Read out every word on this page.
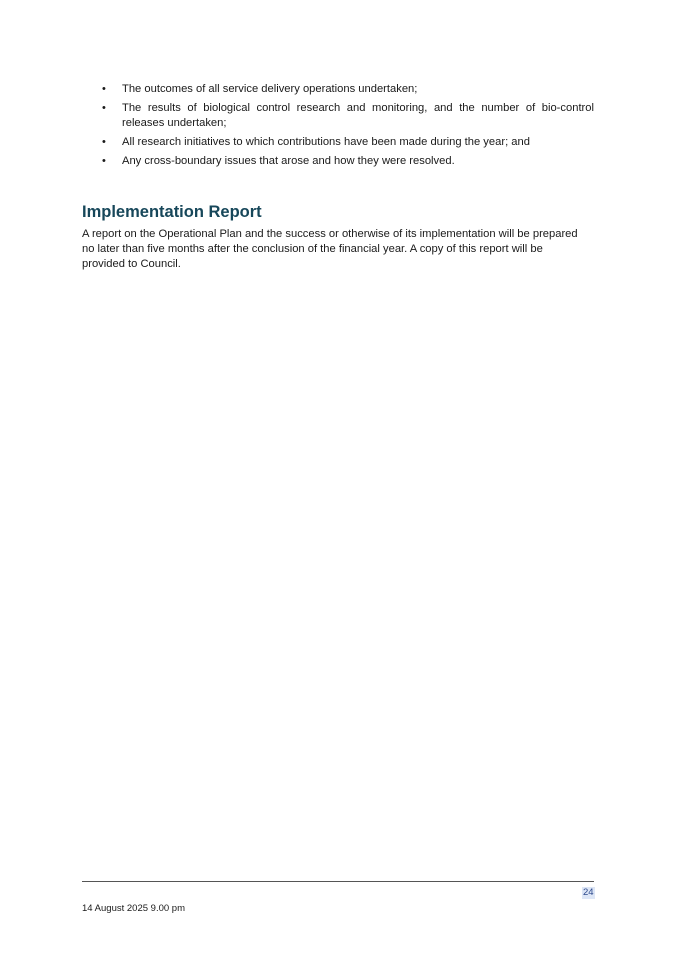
• The outcomes of all service delivery operations undertaken;
• The results of biological control research and monitoring, and the number of bio-control releases undertaken;
• All research initiatives to which contributions have been made during the year; and
• Any cross-boundary issues that arose and how they were resolved.
Implementation Report

A report on the Operational Plan and the success or otherwise of its implementation will be prepared no later than five months after the conclusion of the financial year. A copy of this report will be provided to Council.

24
14 August 2025 9.00 pm
